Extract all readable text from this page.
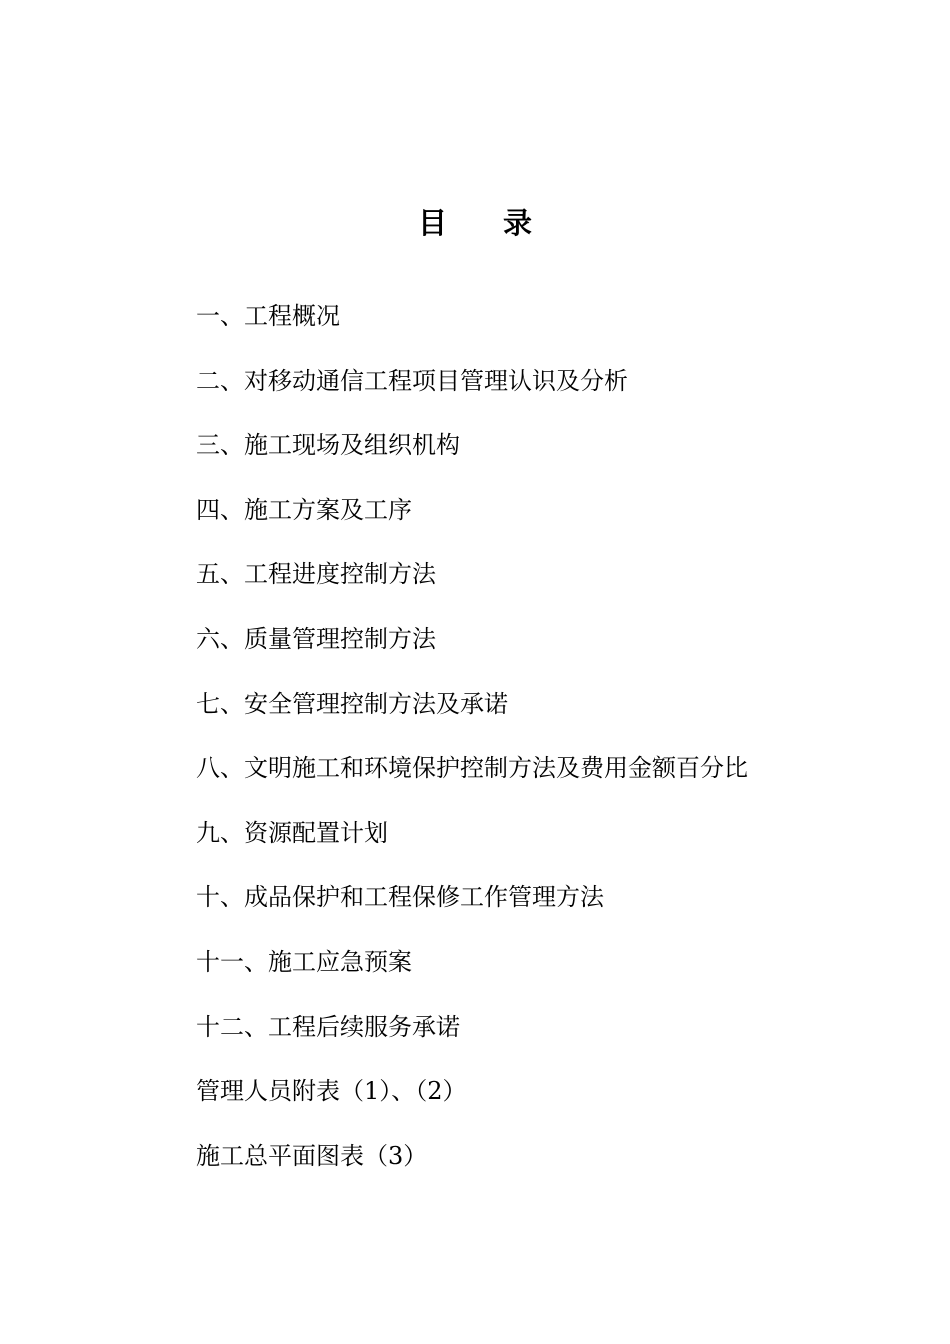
目 录
一、工程概况
二、对移动通信工程项目管理认识及分析
三、施工现场及组织机构
四、施工方案及工序
五、工程进度控制方法
六、质量管理控制方法
七、安全管理控制方法及承诺
八、文明施工和环境保护控制方法及费用金额百分比
九、资源配置计划
十、成品保护和工程保修工作管理方法
十一、施工应急预案
十二、工程后续服务承诺
管理人员附表（1）、（2）
施工总平面图表（3）
